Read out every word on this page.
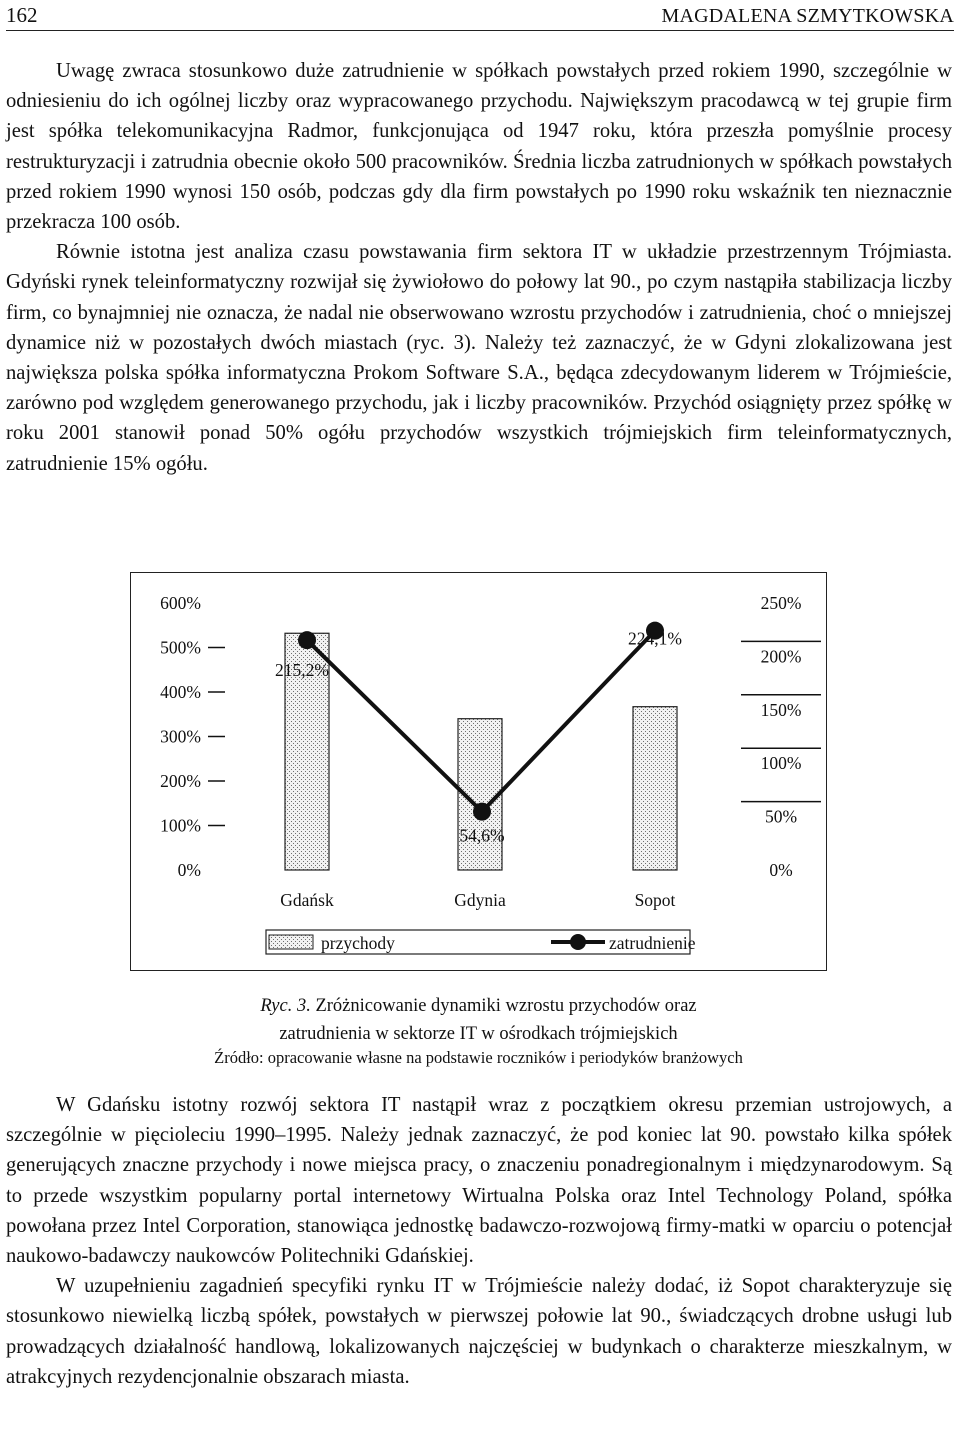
162	MAGDALENA SZMYTKOWSKA

Uwagę zwraca stosunkowo duże zatrudnienie w spółkach powstałych przed rokiem 1990, szczególnie w odniesieniu do ich ogólnej liczby oraz wypracowanego przychodu. Największym pracodawcą w tej grupie firm jest spółka telekomunikacyjna Radmor, funkcjonująca od 1947 roku, która przeszła pomyślnie procesy restrukturyzacji i zatrudnia obecnie około 500 pracowników. Średnia liczba zatrudnionych w spółkach powstałych przed rokiem 1990 wynosi 150 osób, podczas gdy dla firm powstałych po 1990 roku wskaźnik ten nieznacznie przekracza 100 osób.

Równie istotna jest analiza czasu powstawania firm sektora IT w układzie przestrzennym Trójmiasta. Gdyński rynek teleinformatyczny rozwijał się żywiołowo do połowy lat 90., po czym nastąpiła stabilizacja liczby firm, co bynajmniej nie oznacza, że nadal nie obserwowano wzrostu przychodów i zatrudnienia, choć o mniejszej dynamice niż w pozostałych dwóch miastach (ryc. 3). Należy też zaznaczyć, że w Gdyni zlokalizowana jest największa polska spółka informatyczna Prokom Software S.A., będąca zdecydowanym liderem w Trójmieście, zarówno pod względem generowanego przychodu, jak i liczby pracowników. Przychód osiągnięty przez spółkę w roku 2001 stanowił ponad 50% ogółu przychodów wszystkich trójmiejskich firm teleinformatycznych, zatrudnienie 15% ogółu.

600%
500%
400%
300%
200%
100%
0%
250%
200%
150%
100%
50%
0%
215,2%
54,6%
224,1%
Gdańsk	Gdynia	Sopot
przychody	zatrudnienie
Ryc. 3. Zróżnicowanie dynamiki wzrostu przychodów oraz
zatrudnienia w sektorze IT w ośrodkach trójmiejskich
Źródło: opracowanie własne na podstawie roczników i periodyków branżowych

W Gdańsku istotny rozwój sektora IT nastąpił wraz z początkiem okresu przemian ustrojowych, a szczególnie w pięcioleciu 1990–1995. Należy jednak zaznaczyć, że pod koniec lat 90. powstało kilka spółek generujących znaczne przychody i nowe miejsca pracy, o znaczeniu ponadregionalnym i międzynarodowym. Są to przede wszystkim popularny portal internetowy Wirtualna Polska oraz Intel Technology Poland, spółka powołana przez Intel Corporation, stanowiąca jednostkę badawczo-rozwojową firmy-matki w oparciu o potencjał naukowo-badawczy naukowców Politechniki Gdańskiej.

W uzupełnieniu zagadnień specyfiki rynku IT w Trójmieście należy dodać, iż Sopot charakteryzuje się stosunkowo niewielką liczbą spółek, powstałych w pierwszej połowie lat 90., świadczących drobne usługi lub prowadzących działalność handlową, lokalizowanych najczęściej w budynkach o charakterze mieszkalnym, w atrakcyjnych rezydencjonalnie obszarach miasta.
